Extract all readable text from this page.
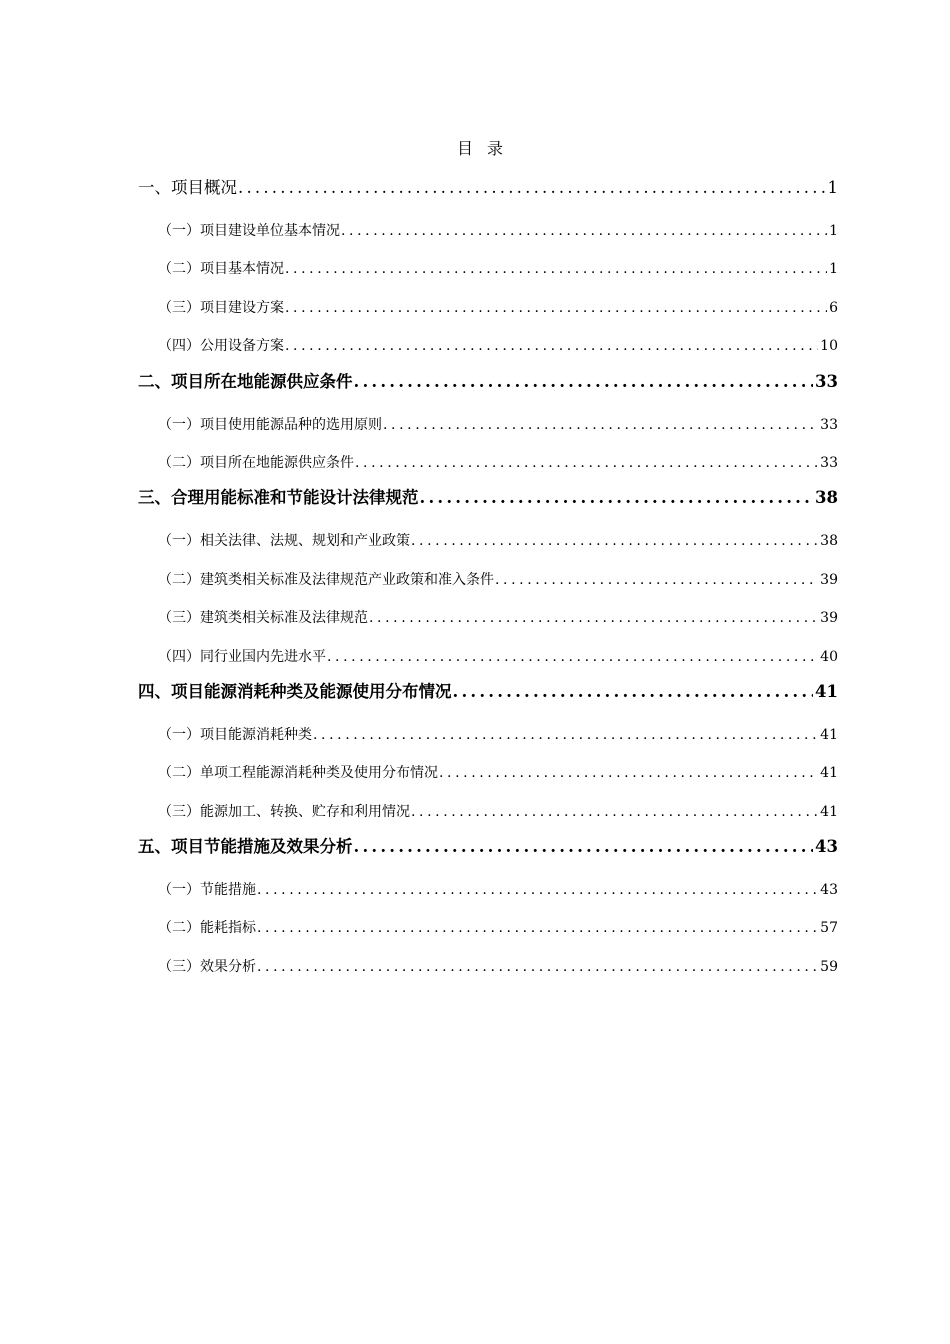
目录
一、项目概况 .....	1
（一）项目建设单位基本情况 .....	1
（二）项目基本情况 .....	1
（三）项目建设方案 .....	6
（四）公用设备方案 .....	10
二、项目所在地能源供应条件 .....	33
（一）项目使用能源品种的选用原则 .....	33
（二）项目所在地能源供应条件 .....	33
三、合理用能标准和节能设计法律规范 .....	38
（一）相关法律、法规、规划和产业政策 .....	38
（二）建筑类相关标准及法律规范产业政策和准入条件 .....	39
（三）建筑类相关标准及法律规范 .....	39
（四）同行业国内先进水平 .....	40
四、项目能源消耗种类及能源使用分布情况 .....	41
（一）项目能源消耗种类 .....	41
（二）单项工程能源消耗种类及使用分布情况 .....	41
（三）能源加工、转换、贮存和利用情况 .....	41
五、项目节能措施及效果分析 .....	43
（一）节能措施 .....	43
（二）能耗指标 .....	57
（三）效果分析 .....	59
